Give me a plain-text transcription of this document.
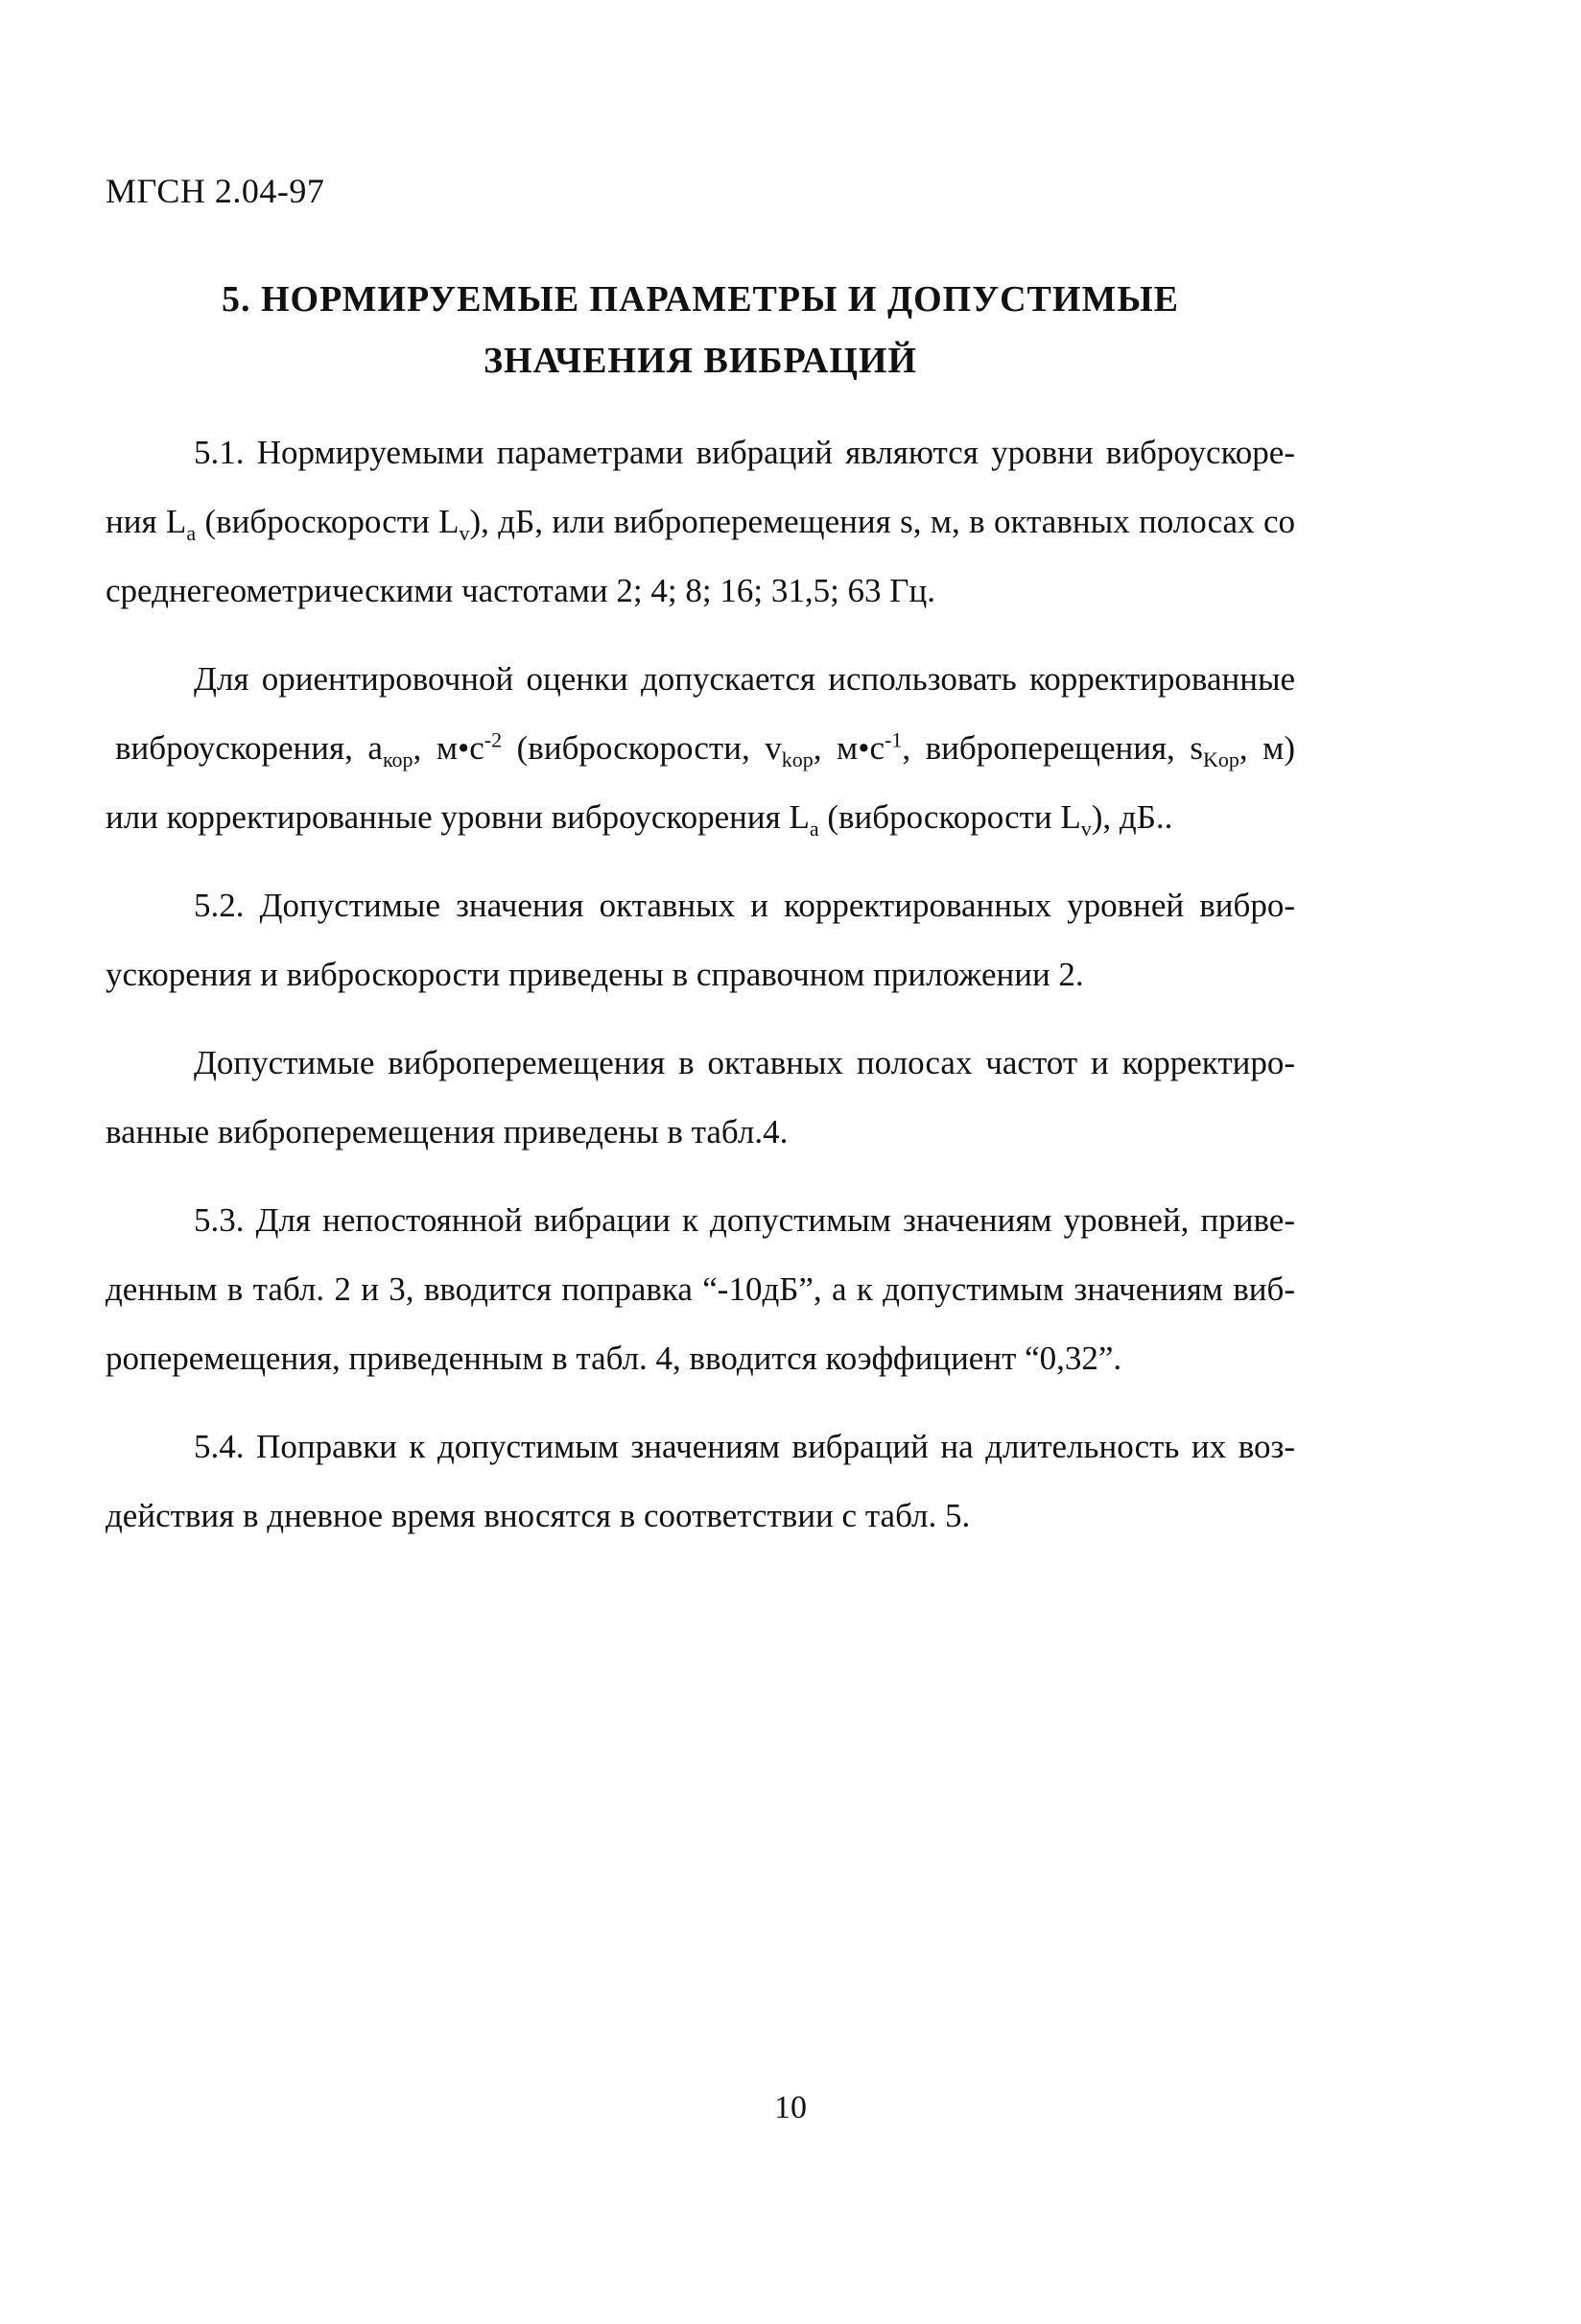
МГСН 2.04-97
5. НОРМИРУЕМЫЕ ПАРАМЕТРЫ И ДОПУСТИМЫЕ
ЗНАЧЕНИЯ ВИБРАЦИЙ
5.1. Нормируемыми параметрами вибраций являются уровни виброускоре-
ния $L_a$ (виброскорости $L_v$), дБ, или виброперемещения s, м, в октавных полосах со
среднегеометрическими частотами 2; 4; 8; 16; 31,5; 63 Гц.
Для ориентировочной оценки допускается использовать корректированные
виброускорения, $a_{кор}$, $м•с^{-2}$ (виброскорости, $v_{kop}$, $м•с^{-1}$, виброперещения, $s_{Kop}$, м)
или корректированные уровни виброускорения $L_a$ (виброскорости $L_v$), дБ..
5.2. Допустимые значения октавных и корректированных уровней вибро-
ускорения и виброскорости приведены в справочном приложении 2.
Допустимые виброперемещения в октавных полосах частот и корректиро-
ванные виброперемещения приведены в табл.4.
5.3. Для непостоянной вибрации к допустимым значениям уровней, приве-
денным в табл. 2 и 3, вводится поправка “-10дБ”, а к допустимым значениям виб-
роперемещения, приведенным в табл. 4, вводится коэффициент “0,32”.
5.4. Поправки к допустимым значениям вибраций на длительность их воз-
действия в дневное время вносятся в соответствии с табл. 5.
10
